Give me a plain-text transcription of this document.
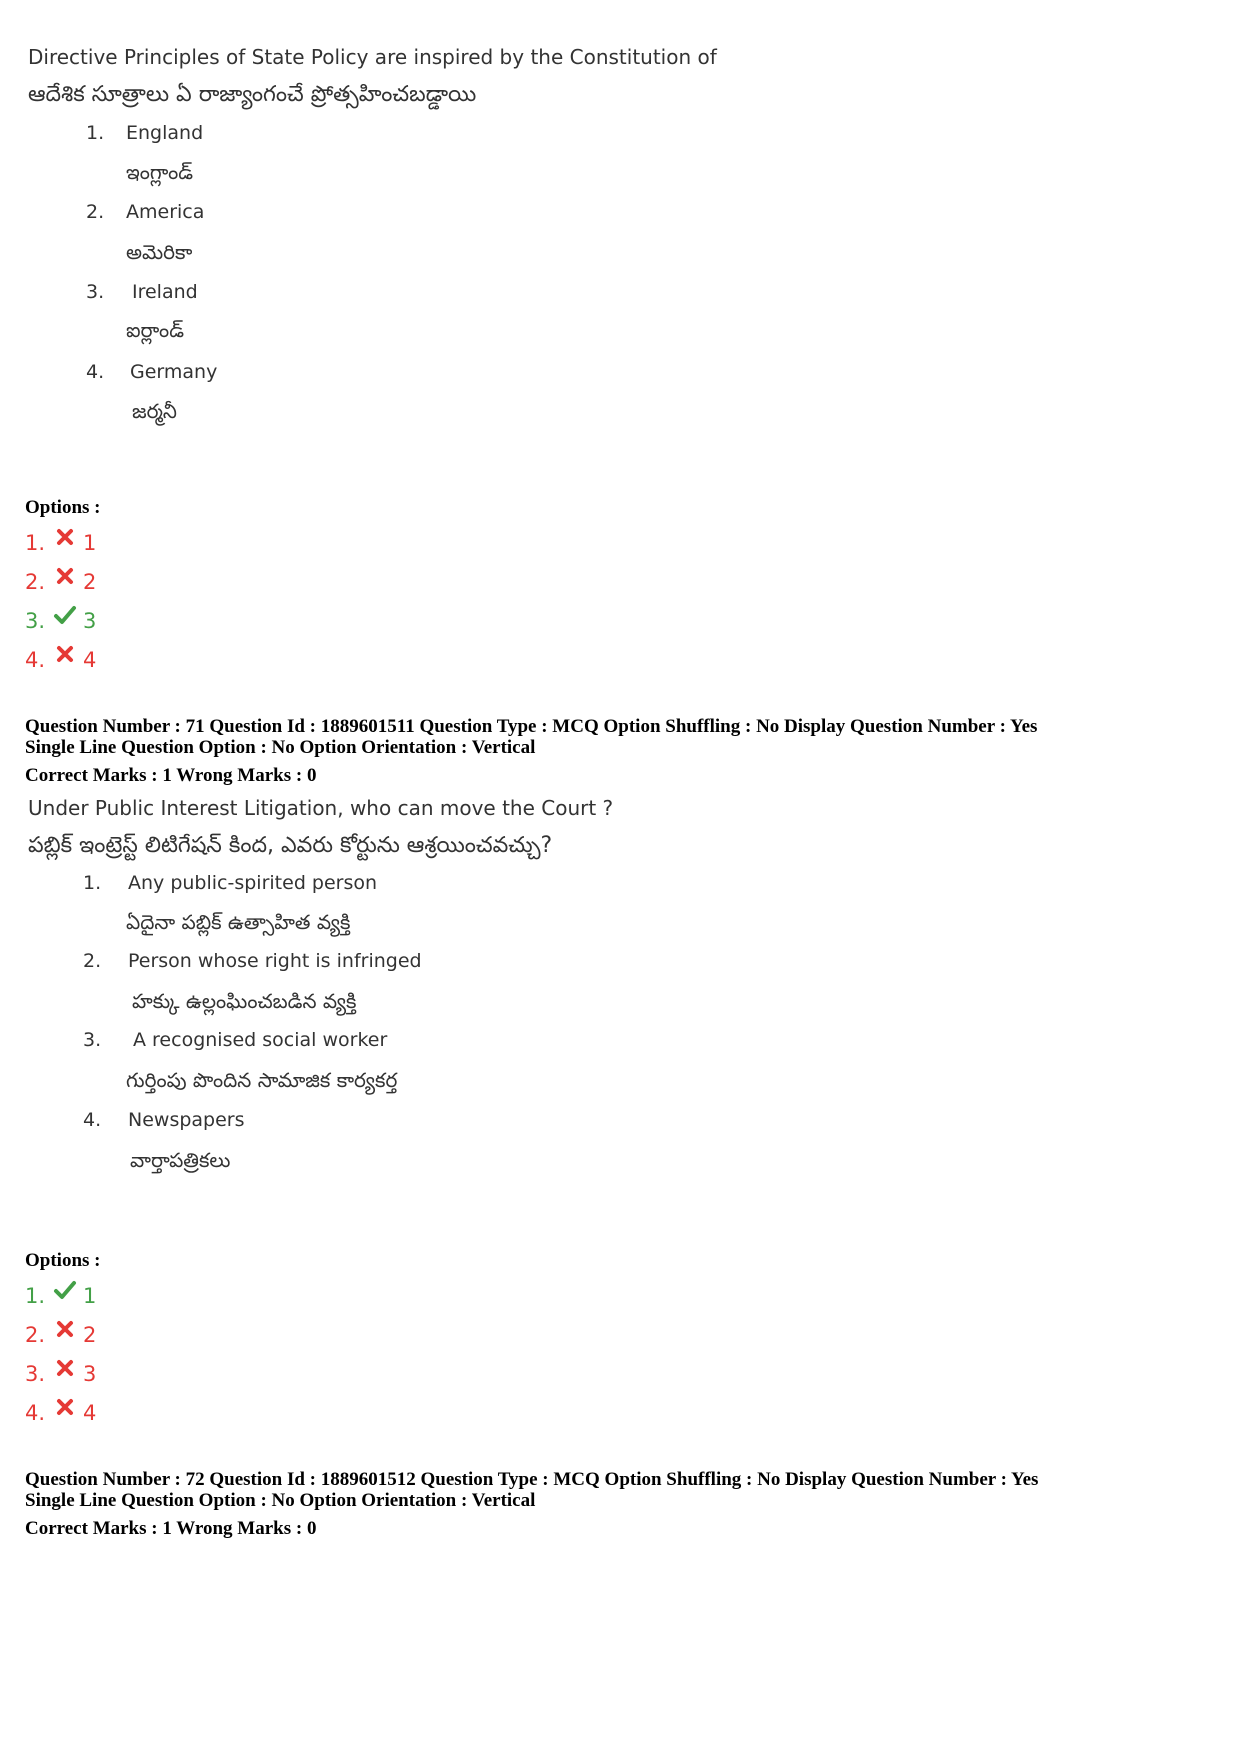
Directive Principles of State Policy are inspired by the Constitution of
ఆదేశిక సూత్రాలు ఏ రాజ్యాంగంచే ప్రోత్సహించబడ్డాయి
1. England
ఇంగ్లాండ్
2. America
అమెరికా
3. Ireland
ఐర్లాండ్
4. Germany
జర్మనీ
Options :
1. 1
2. 2
3. 3
4. 4
Question Number : 71 Question Id : 1889601511 Question Type : MCQ Option Shuffling : No Display Question Number : Yes
Single Line Question Option : No Option Orientation : Vertical
Correct Marks : 1 Wrong Marks : 0
Under Public Interest Litigation, who can move the Court ?
పబ్లిక్ ఇంట్రెస్ట్ లిటిగేషన్ కింద, ఎవరు కోర్టును ఆశ్రయించవచ్చు?
1. Any public-spirited person
ఏదైనా పబ్లిక్ ఉత్సాహిత వ్యక్తి
2. Person whose right is infringed
హక్కు ఉల్లంఘించబడిన వ్యక్తి
3. A recognised social worker
గుర్తింపు పొందిన సామాజిక కార్యకర్త
4. Newspapers
వార్తాపత్రికలు
Options :
1. 1
2. 2
3. 3
4. 4
Question Number : 72 Question Id : 1889601512 Question Type : MCQ Option Shuffling : No Display Question Number : Yes
Single Line Question Option : No Option Orientation : Vertical
Correct Marks : 1 Wrong Marks : 0
